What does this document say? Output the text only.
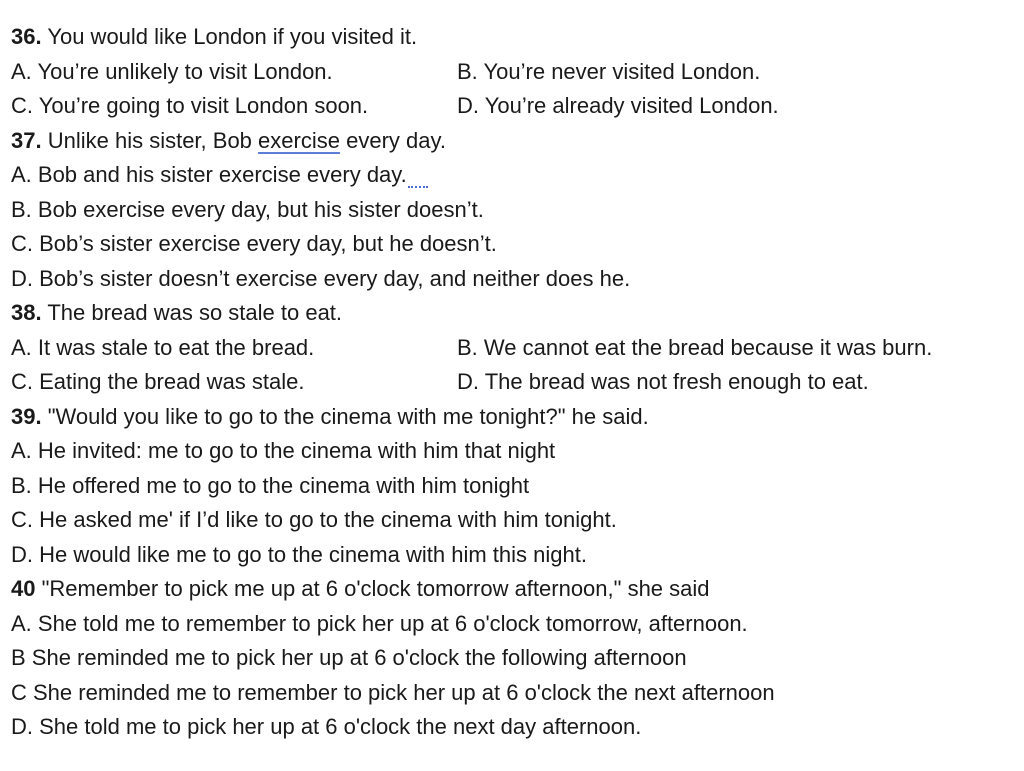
36. You would like London if you visited it.
A. You’re unlikely to visit London.	B. You’re never visited London.
C. You’re going to visit London soon.	D. You’re already visited London.
37. Unlike his sister, Bob exercise every day.
A. Bob and his sister exercise every day.
B. Bob exercise every day, but his sister doesn’t.
C. Bob’s sister exercise every day, but he doesn’t.
D. Bob’s sister doesn’t exercise every day, and neither does he.
38. The bread was so stale to eat.
A. It was stale to eat the bread.	B. We cannot eat the bread because it was burn.
C. Eating the bread was stale.	D. The bread was not fresh enough to eat.
39. "Would you like to go to the cinema with me tonight?" he said.
A. He invited: me to go to the cinema with him that night
B. He offered me to go to the cinema with him tonight
C. He asked me' if I’d like to go to the cinema with him tonight.
D. He would like me to go to the cinema with him this night.
40 "Remember to pick me up at 6 o'clock tomorrow afternoon," she said
A. She told me to remember to pick her up at 6 o'clock tomorrow, afternoon.
B She reminded me to pick her up at 6 o'clock the following afternoon
C She reminded me to remember to pick her up at 6 o'clock the next afternoon
D. She told me to pick her up at 6 o'clock the next day afternoon.
